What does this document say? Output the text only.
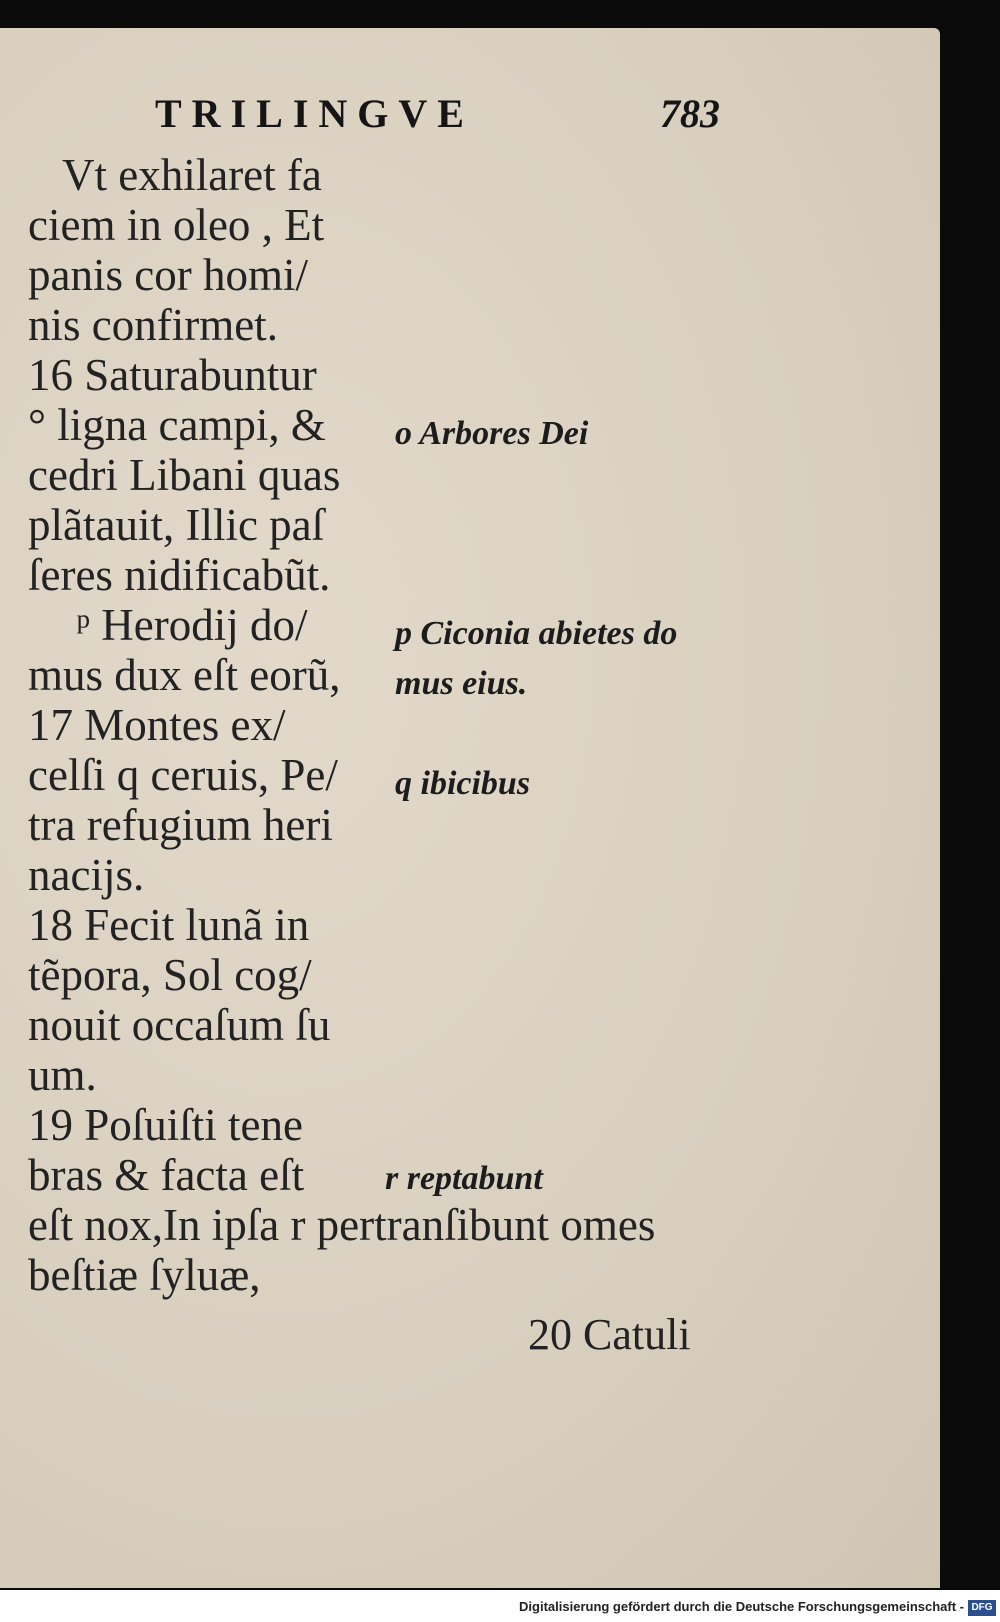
TRILINGVE	783
Vt exhilaret fa
ciem in oleo , Et
panis cor homi/
nis confirmet.
16 Saturabuntur
° ligna campi, &
cedri Libani quas
plãtauit, Illic paſ
ſeres nidificabũt.
ᵖ Herodij do/
mus dux eſt eorũ,
17 Montes ex/
celſi q ceruis, Pe/
tra refugium heri
nacijs.
18 Fecit lunã in
tẽpora, Sol cog/
nouit occaſum ſu
um.
19 Poſuiſti tene
bras & facta eſt
eſt nox,In ipſa r pertranſibunt omes
beſtiæ ſyluæ,
20 Catuli
o Arbores Dei
p Ciconia abietes do
mus eius.
q ibicibus
r reptabunt
Digitalisierung gefördert durch die Deutsche Forschungsgemeinschaft - DFG
